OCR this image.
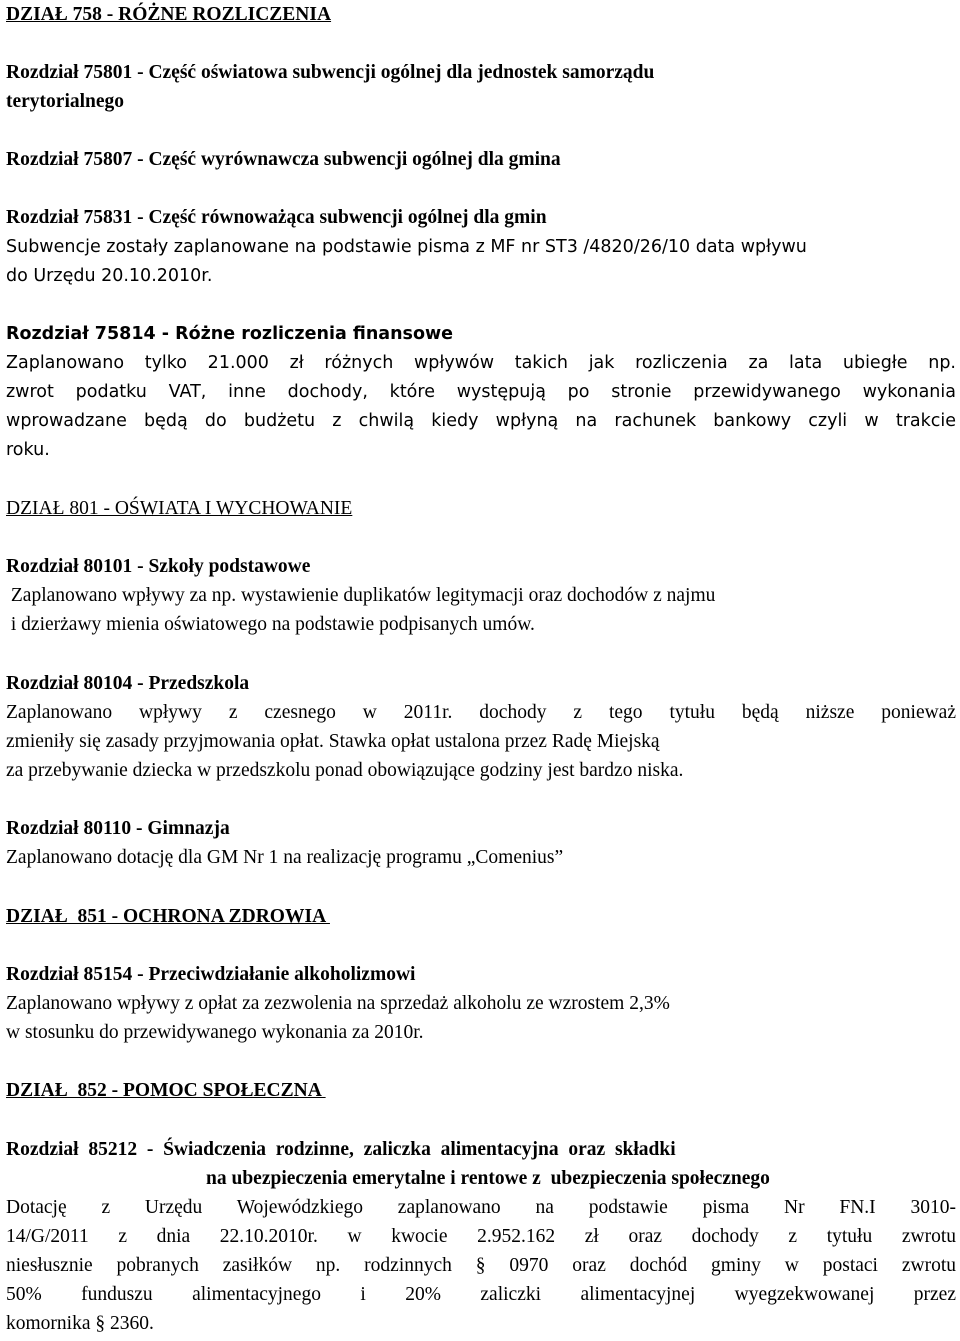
DZIAŁ 758 - RÓŻNE ROZLICZENIA
Rozdział 75801 - Część oświatowa subwencji ogólnej dla jednostek samorządu
terytorialnego
Rozdział 75807 - Część wyrównawcza subwencji ogólnej dla gmina
Rozdział 75831 - Część równoważąca subwencji ogólnej dla gmin
Subwencje zostały zaplanowane na podstawie pisma z MF nr ST3 /4820/26/10 data wpływu
do Urzędu 20.10.2010r.
Rozdział 75814 - Różne rozliczenia finansowe
Zaplanowano tylko 21.000 zł różnych wpływów takich jak rozliczenia za lata ubiegłe np.
zwrot podatku VAT, inne dochody, które występują po stronie przewidywanego wykonania
wprowadzane będą do budżetu z chwilą kiedy wpłyną na rachunek bankowy czyli w trakcie
roku.
DZIAŁ 801 - OŚWIATA I WYCHOWANIE
Rozdział 80101 - Szkoły podstawowe
Zaplanowano wpływy za np. wystawienie duplikatów legitymacji oraz dochodów z najmu
i dzierżawy mienia oświatowego na podstawie podpisanych umów.
Rozdział 80104 - Przedszkola
Zaplanowano wpływy z czesnego w 2011r. dochody z tego tytułu będą niższe ponieważ
zmieniły się zasady przyjmowania opłat. Stawka opłat ustalona przez Radę Miejską
za przebywanie dziecka w przedszkolu ponad obowiązujące godziny jest bardzo niska.
Rozdział 80110 - Gimnazja
Zaplanowano dotację dla GM Nr 1 na realizację programu „Comenius”
DZIAŁ  851 - OCHRONA ZDROWIA
Rozdział 85154 - Przeciwdziałanie alkoholizmowi
Zaplanowano wpływy z opłat za zezwolenia na sprzedaż alkoholu ze wzrostem 2,3%
w stosunku do przewidywanego wykonania za 2010r.
DZIAŁ  852 - POMOC SPOŁECZNA
Rozdział  85212  -  Świadczenia  rodzinne,  zaliczka  alimentacyjna  oraz  składki
na ubezpieczenia emerytalne i rentowe z  ubezpieczenia społecznego
Dotację z Urzędu Wojewódzkiego zaplanowano na podstawie pisma Nr FN.I 3010-
14/G/2011 z dnia 22.10.2010r. w kwocie 2.952.162 zł oraz dochody z tytułu zwrotu
niesłusznie pobranych zasiłków np. rodzinnych § 0970 oraz dochód gminy w postaci zwrotu
50% funduszu alimentacyjnego i 20% zaliczki alimentacyjnej wyegzekwowanej przez
komornika § 2360.
